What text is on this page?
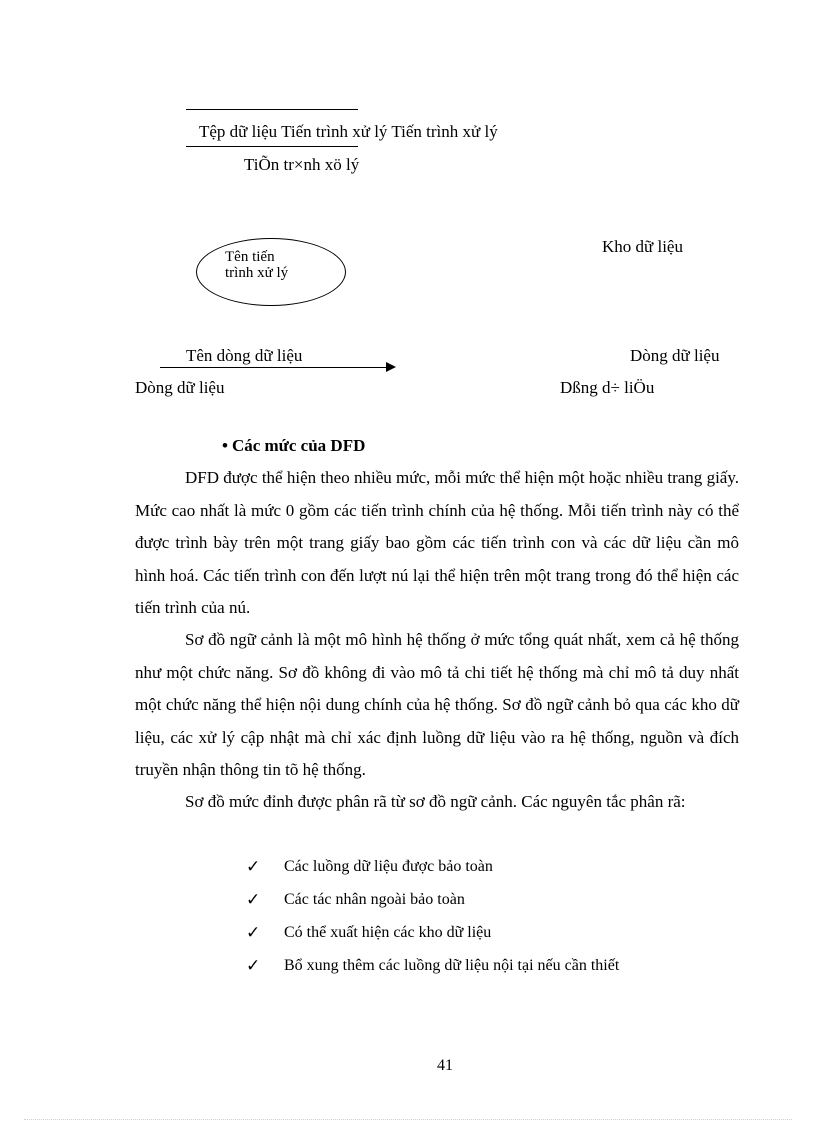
Tệp dữ liệu Tiến trình xử lý Tiến trình xử lý
TiÕn tr×nh xö lý
Tên tiến
trình xử lý
Kho dữ liệu
Tên dòng dữ liệu	Dòng dữ liệu
Dòng dữ liệu	Dßng d÷ liÖu
• Các mức của DFD
DFD được thể hiện theo nhiều mức, mỗi mức thể hiện một hoặc nhiều trang giấy. Mức cao nhất là mức 0 gồm các tiến trình chính của hệ thống. Mỗi tiến trình này có thể được trình bày trên một trang giấy bao gồm các tiến trình con và các dữ liệu cần mô hình hoá. Các tiến trình con đến lượt nú lại thể hiện trên một trang trong đó thể hiện các tiến trình của nú.
Sơ đồ ngữ cảnh là một mô hình hệ thống ở mức tổng quát nhất, xem cả hệ thống như một chức năng. Sơ đồ không đi vào mô tả chi tiết hệ thống mà chỉ mô tả duy nhất một chức năng thể hiện nội dung chính của hệ thống. Sơ đồ ngữ cảnh bỏ qua các kho dữ liệu, các xử lý cập nhật mà chỉ xác định luồng dữ liệu vào ra hệ thống, nguồn và đích truyền nhận thông tin tõ hệ thống.
Sơ đồ mức đỉnh được phân rã từ sơ đồ ngữ cảnh. Các nguyên tắc phân rã:
✓	Các luồng dữ liệu được bảo toàn
✓	Các tác nhân ngoài bảo toàn
✓	Có thể xuất hiện các kho dữ liệu
✓	Bổ xung thêm các luồng dữ liệu nội tại nếu cần thiết
41
